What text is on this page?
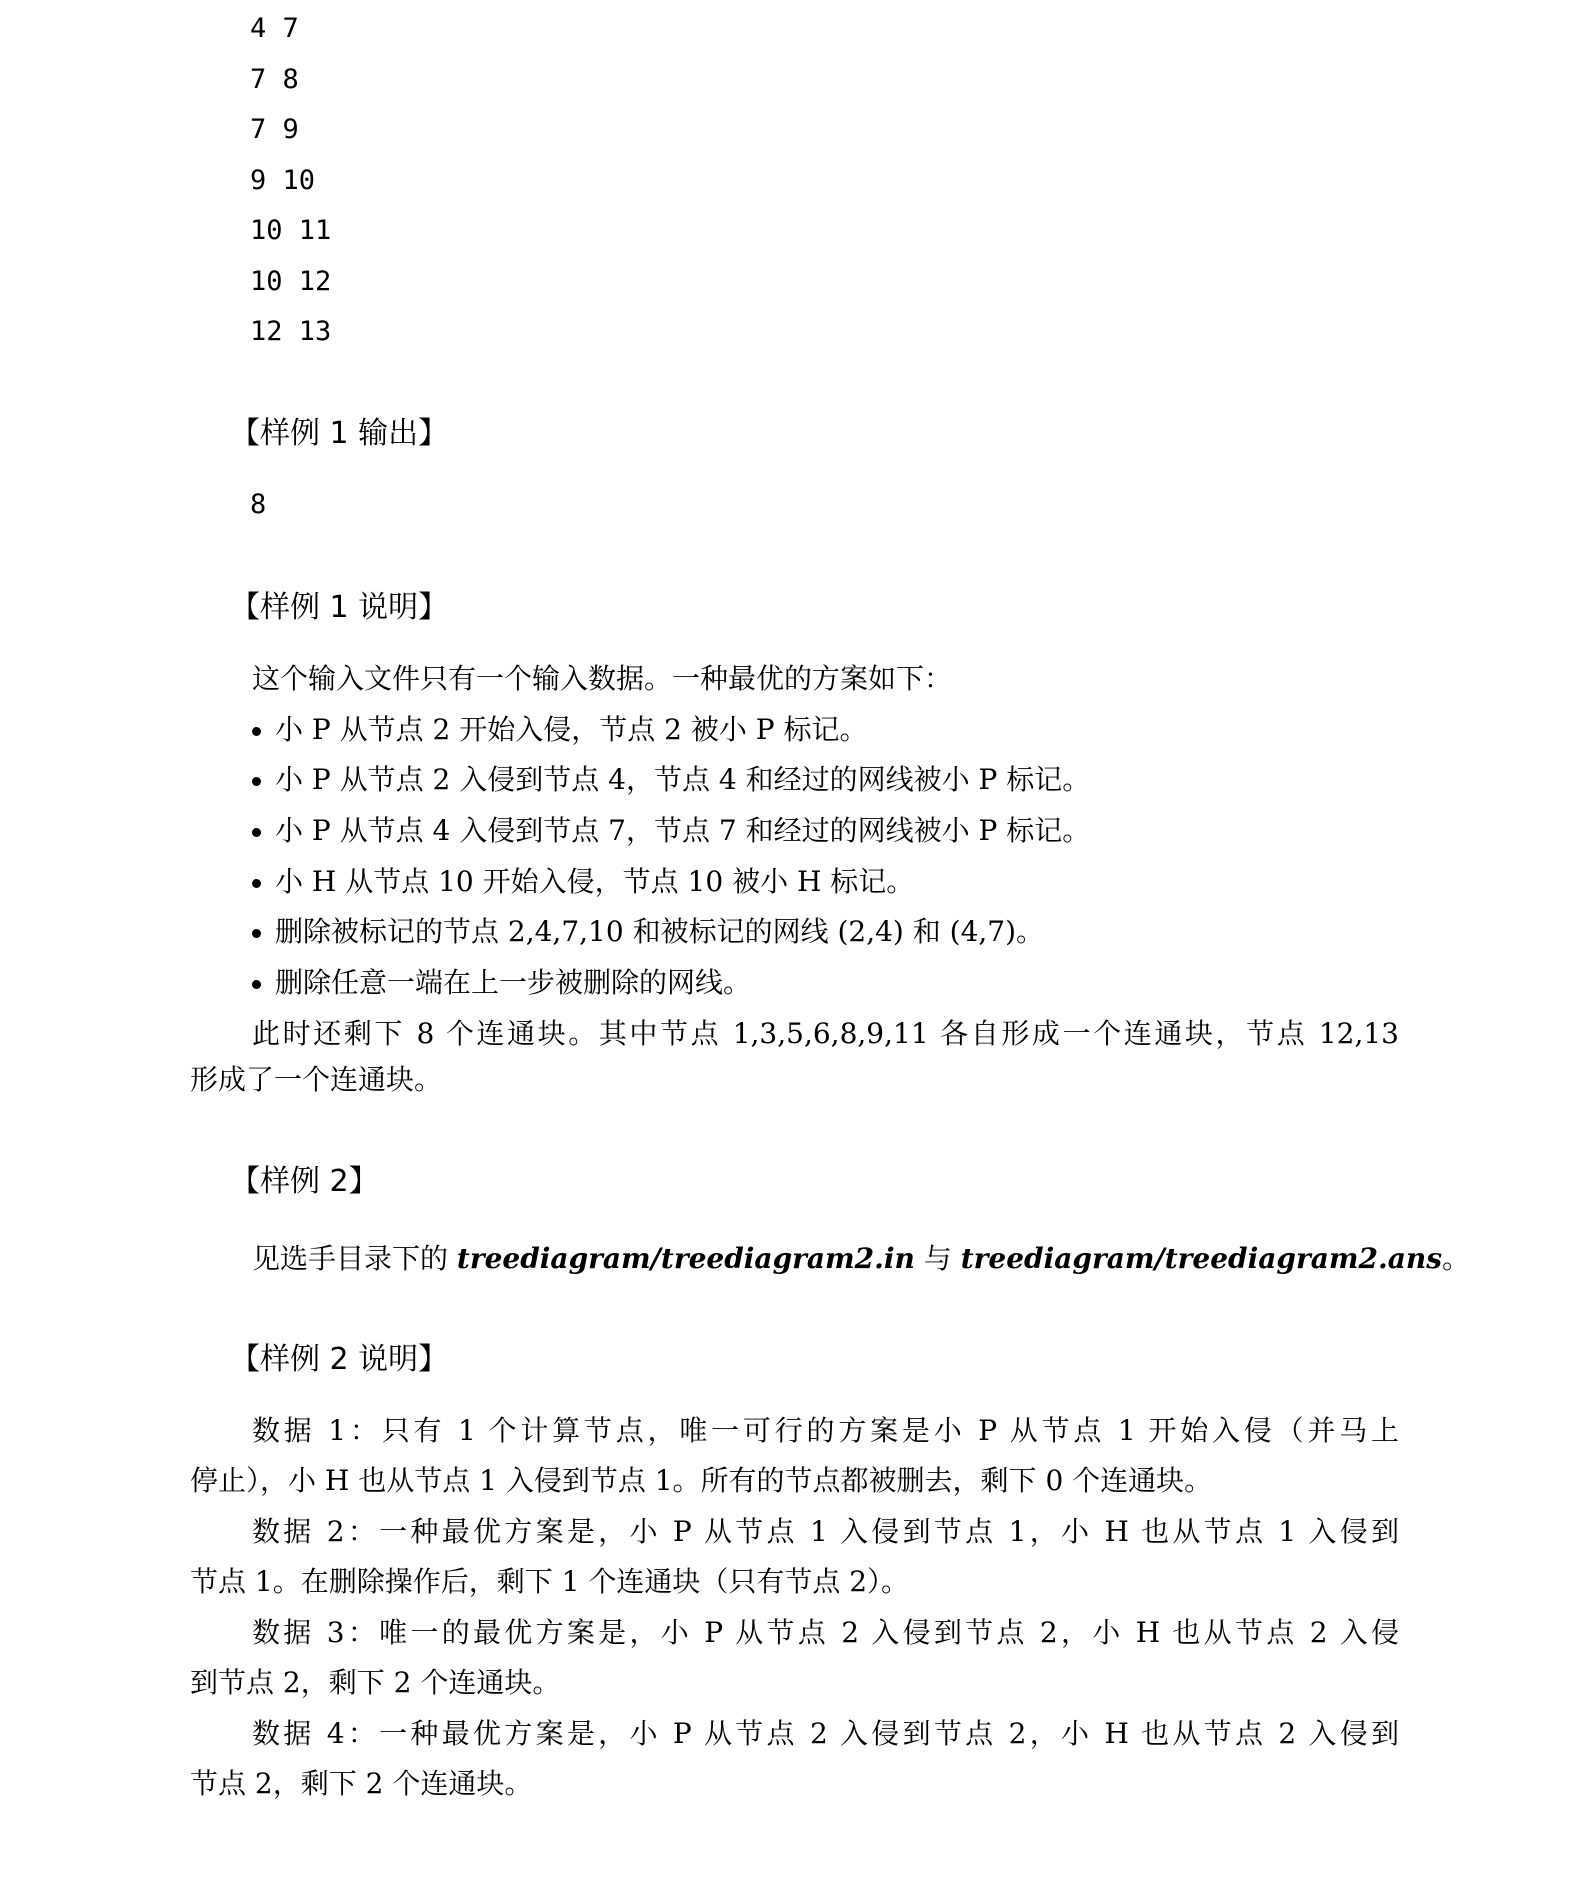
4 7
7 8
7 9
9 10
10 11
10 12
12 13
【样例 1 输出】
8
【样例 1 说明】
这个输入文件只有一个输入数据。一种最优的方案如下：
小 P 从节点 2 开始入侵，节点 2 被小 P 标记。
小 P 从节点 2 入侵到节点 4，节点 4 和经过的网线被小 P 标记。
小 P 从节点 4 入侵到节点 7，节点 7 和经过的网线被小 P 标记。
小 H 从节点 10 开始入侵，节点 10 被小 H 标记。
删除被标记的节点 2,4,7,10 和被标记的网线 (2,4) 和 (4,7)。
删除任意一端在上一步被删除的网线。
此时还剩下 8 个连通块。其中节点 1,3,5,6,8,9,11 各自形成一个连通块，节点 12,13
形成了一个连通块。
【样例 2】
见选手目录下的 treediagram/treediagram2.in 与 treediagram/treediagram2.ans。
【样例 2 说明】
数据 1：只有 1 个计算节点，唯一可行的方案是小 P 从节点 1 开始入侵（并马上
停止），小 H 也从节点 1 入侵到节点 1。所有的节点都被删去，剩下 0 个连通块。
数据 2：一种最优方案是，小 P 从节点 1 入侵到节点 1，小 H 也从节点 1 入侵到
节点 1。在删除操作后，剩下 1 个连通块（只有节点 2）。
数据 3：唯一的最优方案是，小 P 从节点 2 入侵到节点 2，小 H 也从节点 2 入侵
到节点 2，剩下 2 个连通块。
数据 4：一种最优方案是，小 P 从节点 2 入侵到节点 2，小 H 也从节点 2 入侵到
节点 2，剩下 2 个连通块。
